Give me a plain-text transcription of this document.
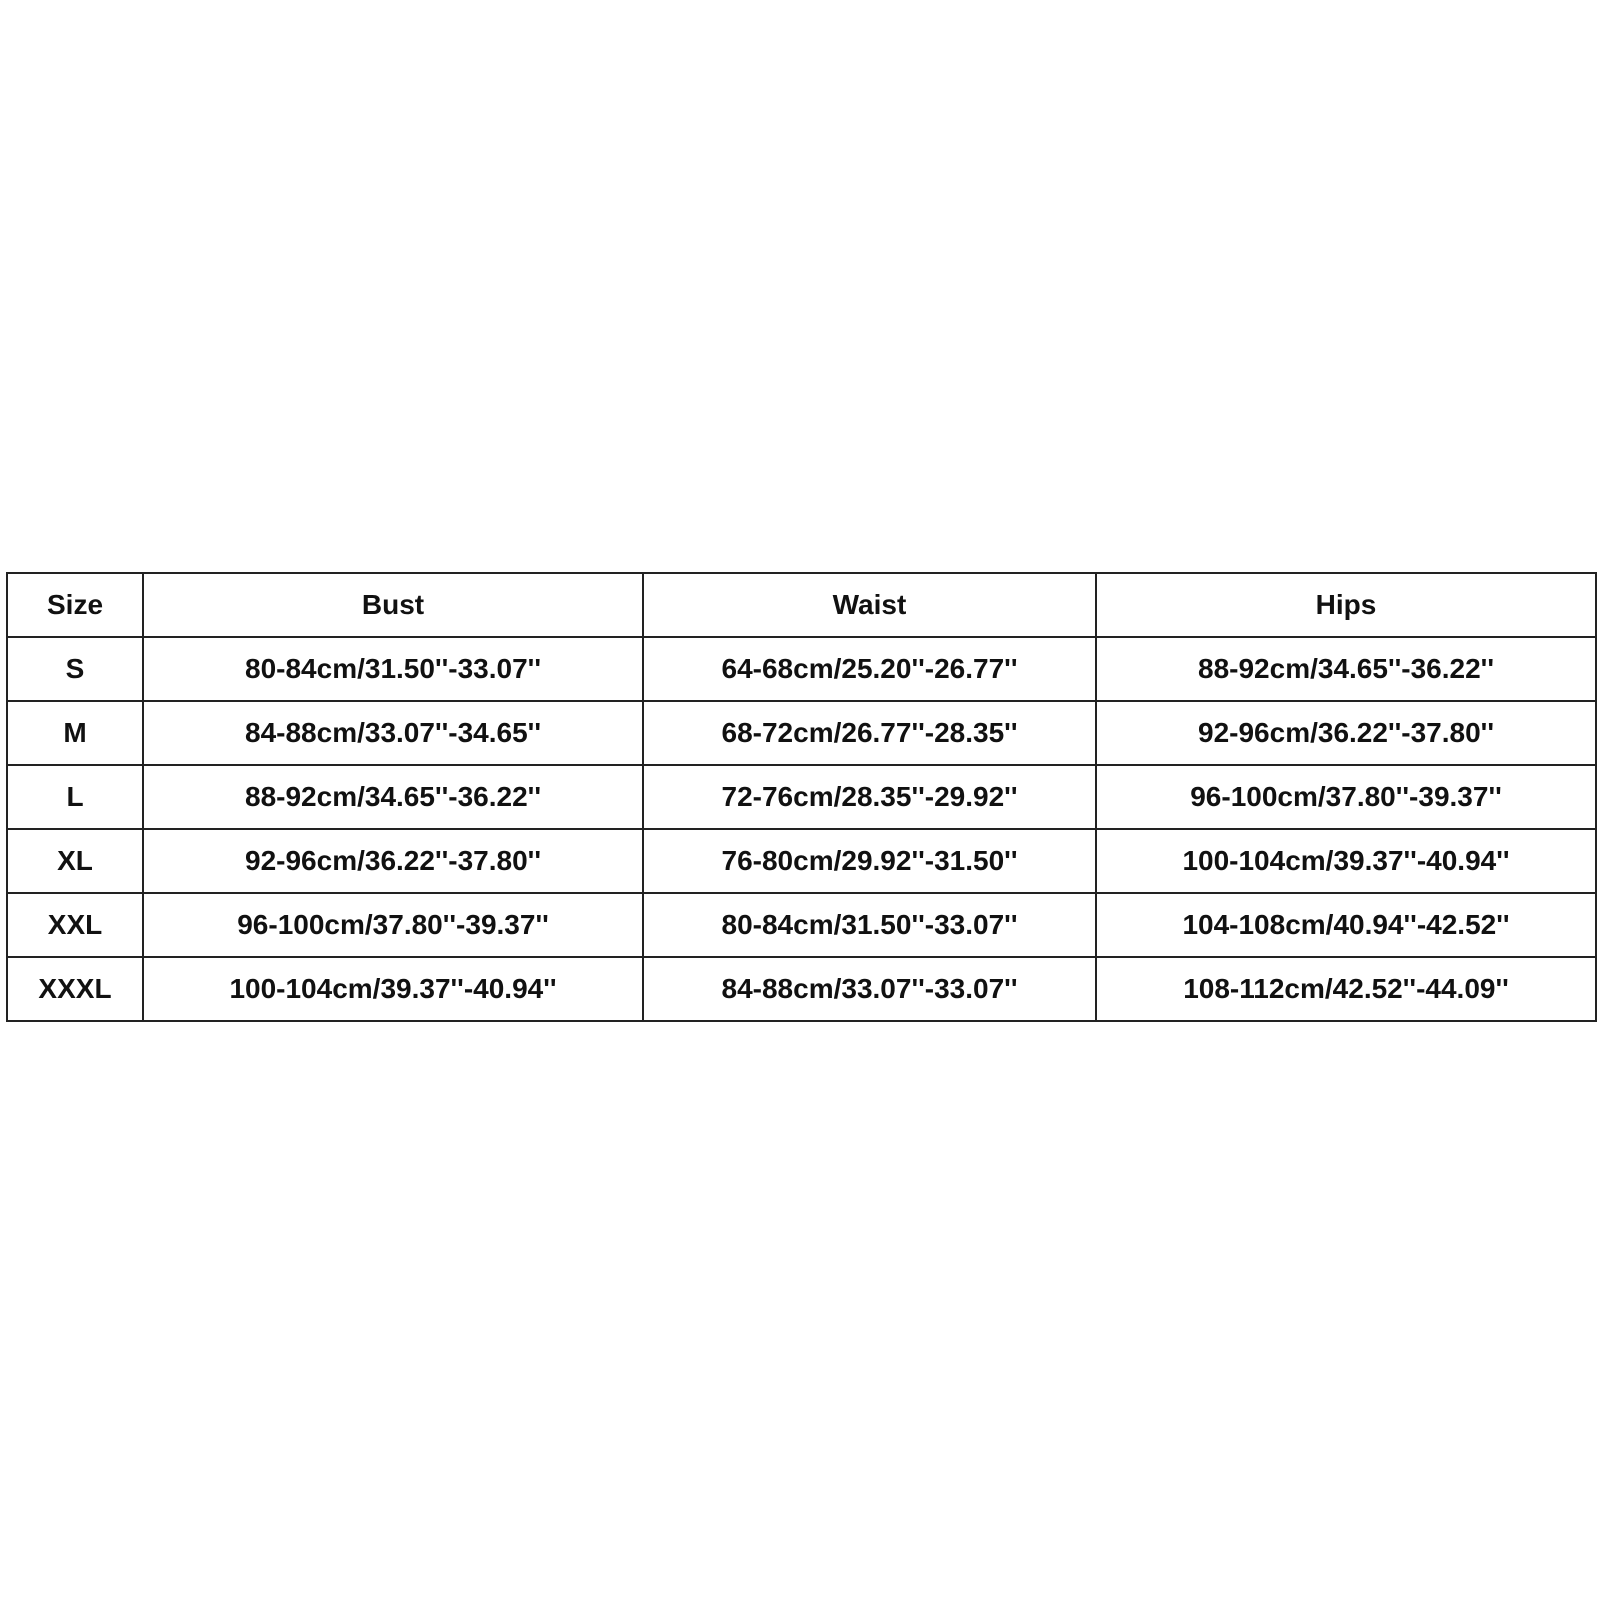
Size	Bust	Waist	Hips
S	80-84cm/31.50''-33.07''	64-68cm/25.20''-26.77''	88-92cm/34.65''-36.22''
M	84-88cm/33.07''-34.65''	68-72cm/26.77''-28.35''	92-96cm/36.22''-37.80''
L	88-92cm/34.65''-36.22''	72-76cm/28.35''-29.92''	96-100cm/37.80''-39.37''
XL	92-96cm/36.22''-37.80''	76-80cm/29.92''-31.50''	100-104cm/39.37''-40.94''
XXL	96-100cm/37.80''-39.37''	80-84cm/31.50''-33.07''	104-108cm/40.94''-42.52''
XXXL	100-104cm/39.37''-40.94''	84-88cm/33.07''-33.07''	108-112cm/42.52''-44.09''
